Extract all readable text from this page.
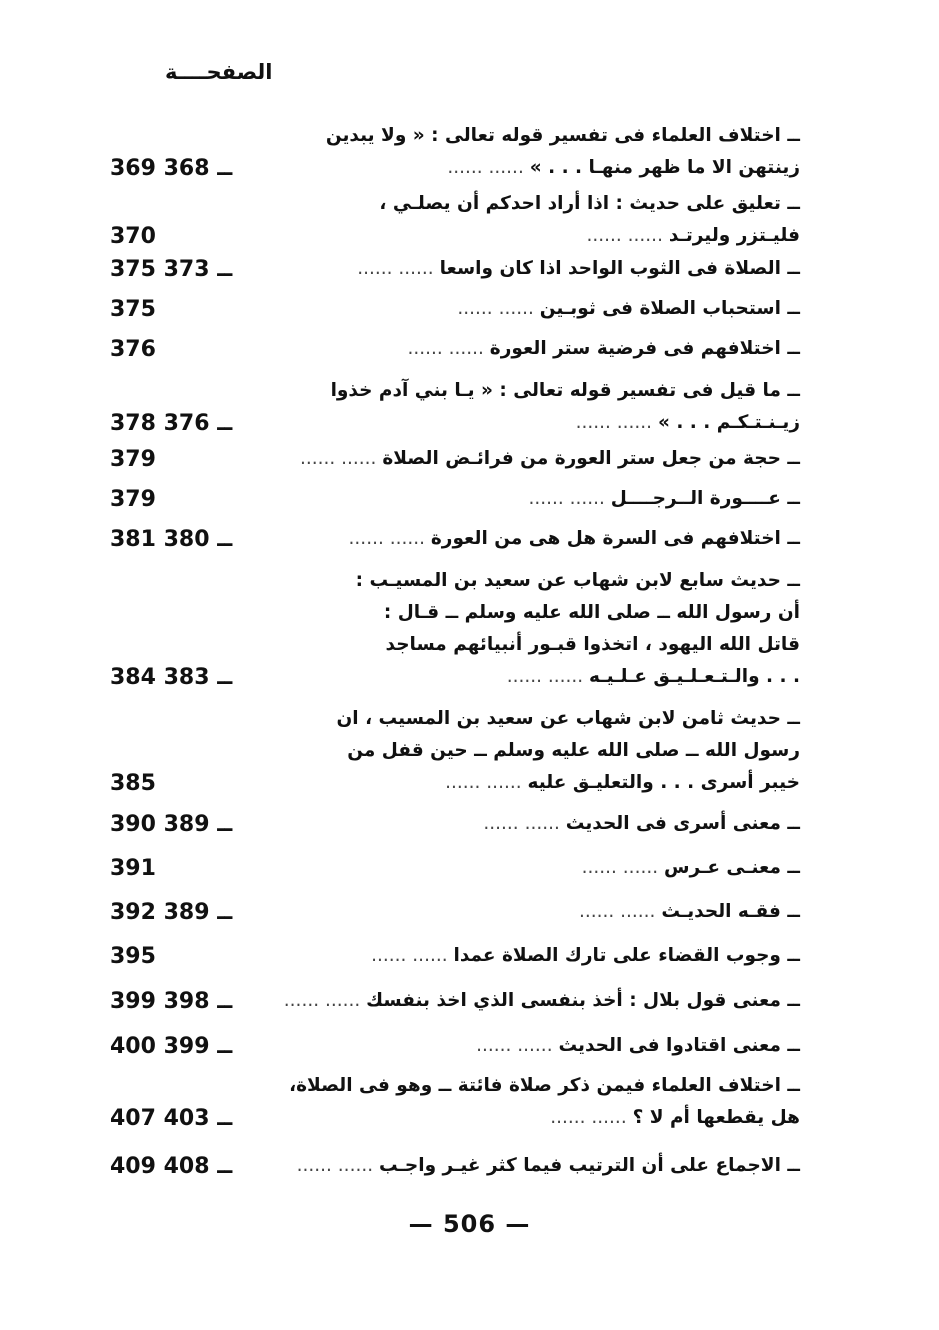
الصفحــــة
ــ اختلاف العلماء فى تفسير قوله تعالى : « ولا يبدين
زينتهن الا ما ظهر منهـا . . . » ...... ......
369 ــ 368
ــ تعليق على حديث : اذا أراد احدكم أن يصلـي ،
فليـتزر وليرتـد ...... ......
370
ــ الصلاة فى الثوب الواحد اذا كان واسعا ...... ......
375 ــ 373
ــ استحباب الصلاة فى ثوبـين ...... ......
375
ــ اختلافهم فى فرضية ستر العورة ...... ......
376
ــ ما قيل فى تفسير قوله تعالى : « يـا بني آدم خذوا
زيـنـتـكـم . . . » ...... ......
378 ــ 376
ــ حجة من جعل ستر العورة من فرائـض الصلاة ...... ......
379
ــ عــــورة الــرجــــل ...... ......
379
ــ اختلافهم فى السرة هل هى من العورة ...... ......
381 ــ 380
ــ حديث سابع لابن شهاب عن سعيد بن المسيـب :
أن رسول الله ــ صلى الله عليه وسلم ــ قـال :
قاتل الله اليهود ، اتخذوا قبـور أنبيائهم مساجد
. . . والـتـعـلـيـق عـلـيـه ...... ......
384 ــ 383
ــ حديث ثامن لابن شهاب عن سعيد بن المسيب ، ان
رسول الله ــ صلى الله عليه وسلم ــ حين قفل من
خيبر أسرى . . . والتعليـق عليه ...... ......
385
ــ معنى أسرى فى الحديث ...... ......
390 ــ 389
ــ معنـى عـرس ...... ......
391
ــ فقـه الحديـث ...... ......
392 ــ 389
ــ وجوب القضاء على تارك الصلاة عمدا ...... ......
395
ــ معنى قول بلال : أخذ بنفسى الذي اخذ بنفسك ...... ......
399 ــ 398
ــ معنى اقتادوا فى الحديث ...... ......
400 ــ 399
ــ اختلاف العلماء فيمن ذكر صلاة فائتة ــ وهو فى الصلاة،
هل يقطعها أم لا ؟ ...... ......
407 ــ 403
ــ الاجماع على أن الترتيب فيما كثر غيـر واجـب ...... ......
409 ــ 408
— 506 —
